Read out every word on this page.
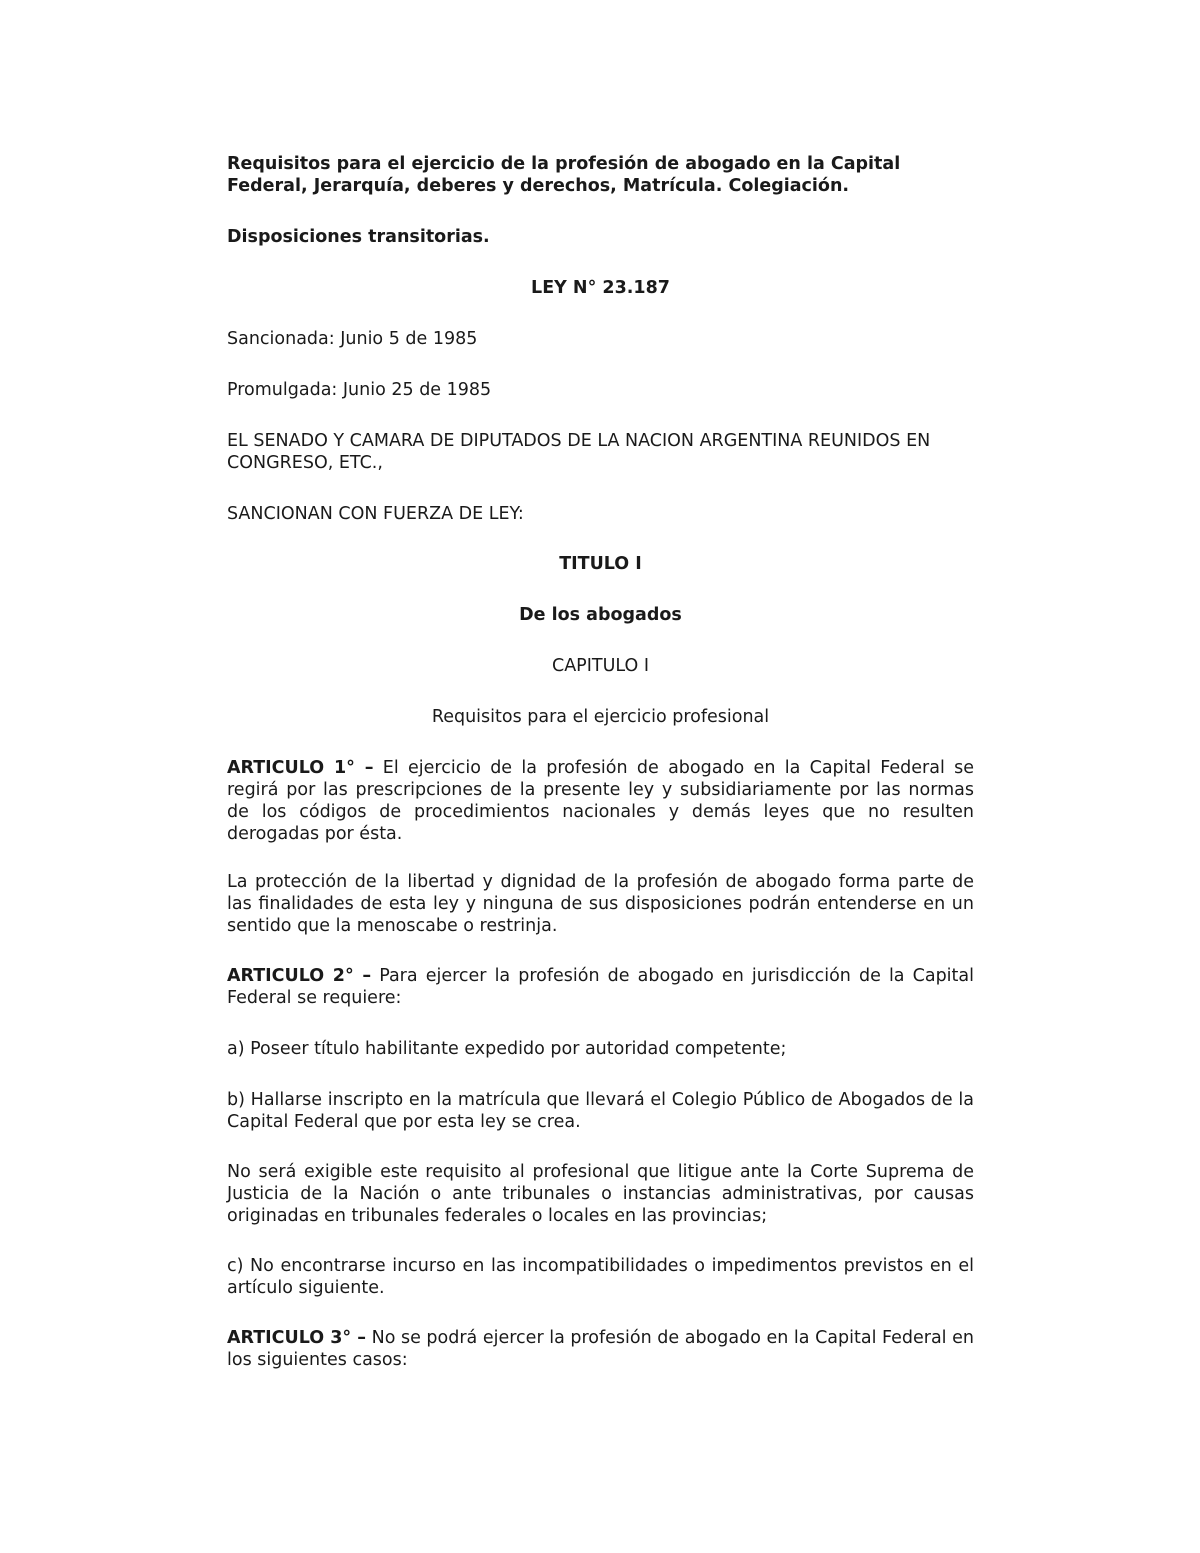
Requisitos para el ejercicio de la profesión de abogado en la Capital

Federal, Jerarquía, deberes y derechos, Matrícula. Colegiación.

Disposiciones transitorias.

LEY N° 23.187

Sancionada: Junio 5 de 1985

Promulgada: Junio 25 de 1985

EL SENADO Y CAMARA DE DIPUTADOS DE LA NACION ARGENTINA REUNIDOS EN

CONGRESO, ETC.,

SANCIONAN CON FUERZA DE LEY:

TITULO I

De los abogados

CAPITULO I

Requisitos para el ejercicio profesional

ARTICULO 1° – El ejercicio de la profesión de abogado en la Capital Federal se regirá por las prescripciones de la presente ley y subsidiariamente por las normas de los códigos de procedimientos nacionales y demás leyes que no resulten derogadas por ésta.

La protección de la libertad y dignidad de la profesión de abogado forma parte de las finalidades de esta ley y ninguna de sus disposiciones podrán entenderse en un sentido que la menoscabe o restrinja.

ARTICULO 2° – Para ejercer la profesión de abogado en jurisdicción de la Capital Federal se requiere:

a) Poseer título habilitante expedido por autoridad competente;

b) Hallarse inscripto en la matrícula que llevará el Colegio Público de Abogados de la Capital Federal que por esta ley se crea.

No será exigible este requisito al profesional que litigue ante la Corte Suprema de Justicia de la Nación o ante tribunales o instancias administrativas, por causas originadas en tribunales federales o locales en las provincias;

c) No encontrarse incurso en las incompatibilidades o impedimentos previstos en el artículo siguiente.

ARTICULO 3° – No se podrá ejercer la profesión de abogado en la Capital Federal en los siguientes casos:
